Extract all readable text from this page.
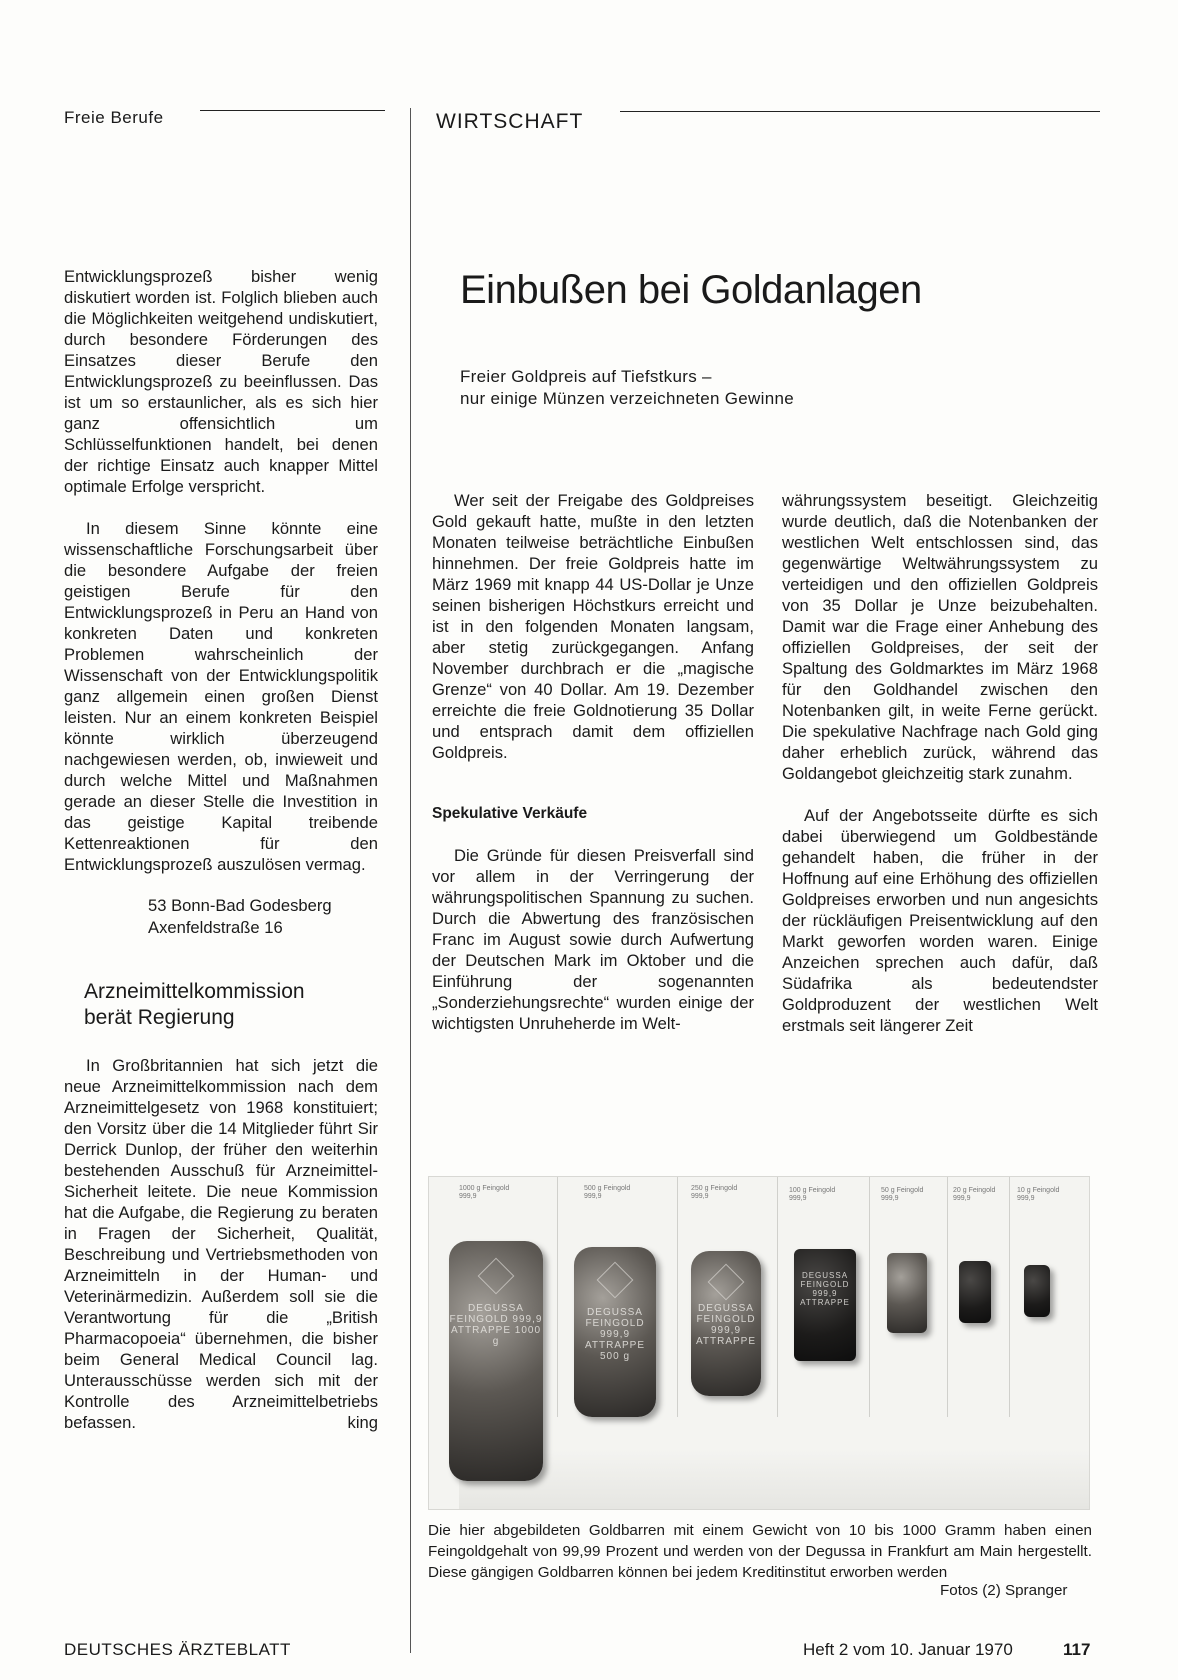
Freie Berufe	WIRTSCHAFT

Entwicklungsprozeß bisher wenig diskutiert worden ist. Folglich blieben auch die Möglichkeiten weitgehend undiskutiert, durch besondere Förderungen des Einsatzes dieser Berufe den Entwicklungsprozeß zu beeinflussen. Das ist um so erstaunlicher, als es sich hier ganz offensichtlich um Schlüsselfunktionen handelt, bei denen der richtige Einsatz auch knapper Mittel optimale Erfolge verspricht.

In diesem Sinne könnte eine wissenschaftliche Forschungsarbeit über die besondere Aufgabe der freien geistigen Berufe für den Entwicklungsprozeß in Peru an Hand von konkreten Daten und konkreten Problemen wahrscheinlich der Wissenschaft von der Entwicklungspolitik ganz allgemein einen großen Dienst leisten. Nur an einem konkreten Beispiel könnte wirklich überzeugend nachgewiesen werden, ob, inwieweit und durch welche Mittel und Maßnahmen gerade an dieser Stelle die Investition in das geistige Kapital treibende Kettenreaktionen für den Entwicklungsprozeß auszulösen vermag.

53 Bonn-Bad Godesberg
Axenfeldstraße 16
Arzneimittelkommission
berät Regierung

In Großbritannien hat sich jetzt die neue Arzneimittelkommission nach dem Arzneimittelgesetz von 1968 konstituiert; den Vorsitz über die 14 Mitglieder führt Sir Derrick Dunlop, der früher den weiterhin bestehenden Ausschuß für Arzneimittel-Sicherheit leitete. Die neue Kommission hat die Aufgabe, die Regierung zu beraten in Fragen der Sicherheit, Qualität, Beschreibung und Vertriebsmethoden von Arzneimitteln in der Human- und Veterinärmedizin. Außerdem soll sie die Verantwortung für die „British Pharmacopoeia“ übernehmen, die bisher beim General Medical Council lag. Unterausschüsse werden sich mit der Kontrolle des Arzneimittelbetriebs befassen.	king

Einbußen bei Goldanlagen
Freier Goldpreis auf Tiefstkurs –
nur einige Münzen verzeichneten Gewinne

Wer seit der Freigabe des Goldpreises Gold gekauft hatte, mußte in den letzten Monaten teilweise beträchtliche Einbußen hinnehmen. Der freie Goldpreis hatte im März 1969 mit knapp 44 US-Dollar je Unze seinen bisherigen Höchstkurs erreicht und ist in den folgenden Monaten langsam, aber stetig zurückgegangen. Anfang November durchbrach er die „magische Grenze“ von 40 Dollar. Am 19. Dezember erreichte die freie Goldnotierung 35 Dollar und entsprach damit dem offiziellen Goldpreis.

Spekulative Verkäufe

Die Gründe für diesen Preisverfall sind vor allem in der Verringerung der währungspolitischen Spannung zu suchen. Durch die Abwertung des französischen Franc im August sowie durch Aufwertung der Deutschen Mark im Oktober und die Einführung der sogenannten „Sonderziehungsrechte“ wurden einige der wichtigsten Unruheherde im Welt-

währungssystem beseitigt. Gleichzeitig wurde deutlich, daß die Notenbanken der westlichen Welt entschlossen sind, das gegenwärtige Weltwährungssystem zu verteidigen und den offiziellen Goldpreis von 35 Dollar je Unze beizubehalten. Damit war die Frage einer Anhebung des offiziellen Goldpreises, der seit der Spaltung des Goldmarktes im März 1968 für den Goldhandel zwischen den Notenbanken gilt, in weite Ferne gerückt. Die spekulative Nachfrage nach Gold ging daher erheblich zurück, während das Goldangebot gleichzeitig stark zunahm.

Auf der Angebotsseite dürfte es sich dabei überwiegend um Goldbestände gehandelt haben, die früher in der Hoffnung auf eine Erhöhung des offiziellen Goldpreises erworben und nun angesichts der rückläufigen Preisentwicklung auf den Markt geworfen worden waren. Einige Anzeichen sprechen auch dafür, daß Südafrika als bedeutendster Goldproduzent der westlichen Welt erstmals seit längerer Zeit

1000 g Feingold 999,9
DEGUSSA FEINGOLD 999,9 ATTRAPPE 1000 g
500 g Feingold 999,9
DEGUSSA FEINGOLD 999,9 ATTRAPPE 500 g
250 g Feingold 999,9
DEGUSSA FEINGOLD 999,9 ATTRAPPE
100 g Feingold 999,9
DEGUSSA FEINGOLD 999,9 ATTRAPPE
50 g Feingold 999,9
20 g Feingold 999,9
10 g Feingold 999,9

Die hier abgebildeten Goldbarren mit einem Gewicht von 10 bis 1000 Gramm haben einen Feingoldgehalt von 99,99 Prozent und werden von der Degussa in Frankfurt am Main hergestellt. Diese gängigen Goldbarren können bei jedem Kreditinstitut erworben werden

Fotos (2) Spranger
DEUTSCHES ÄRZTEBLATT	Heft 2 vom 10. Januar 1970	117
